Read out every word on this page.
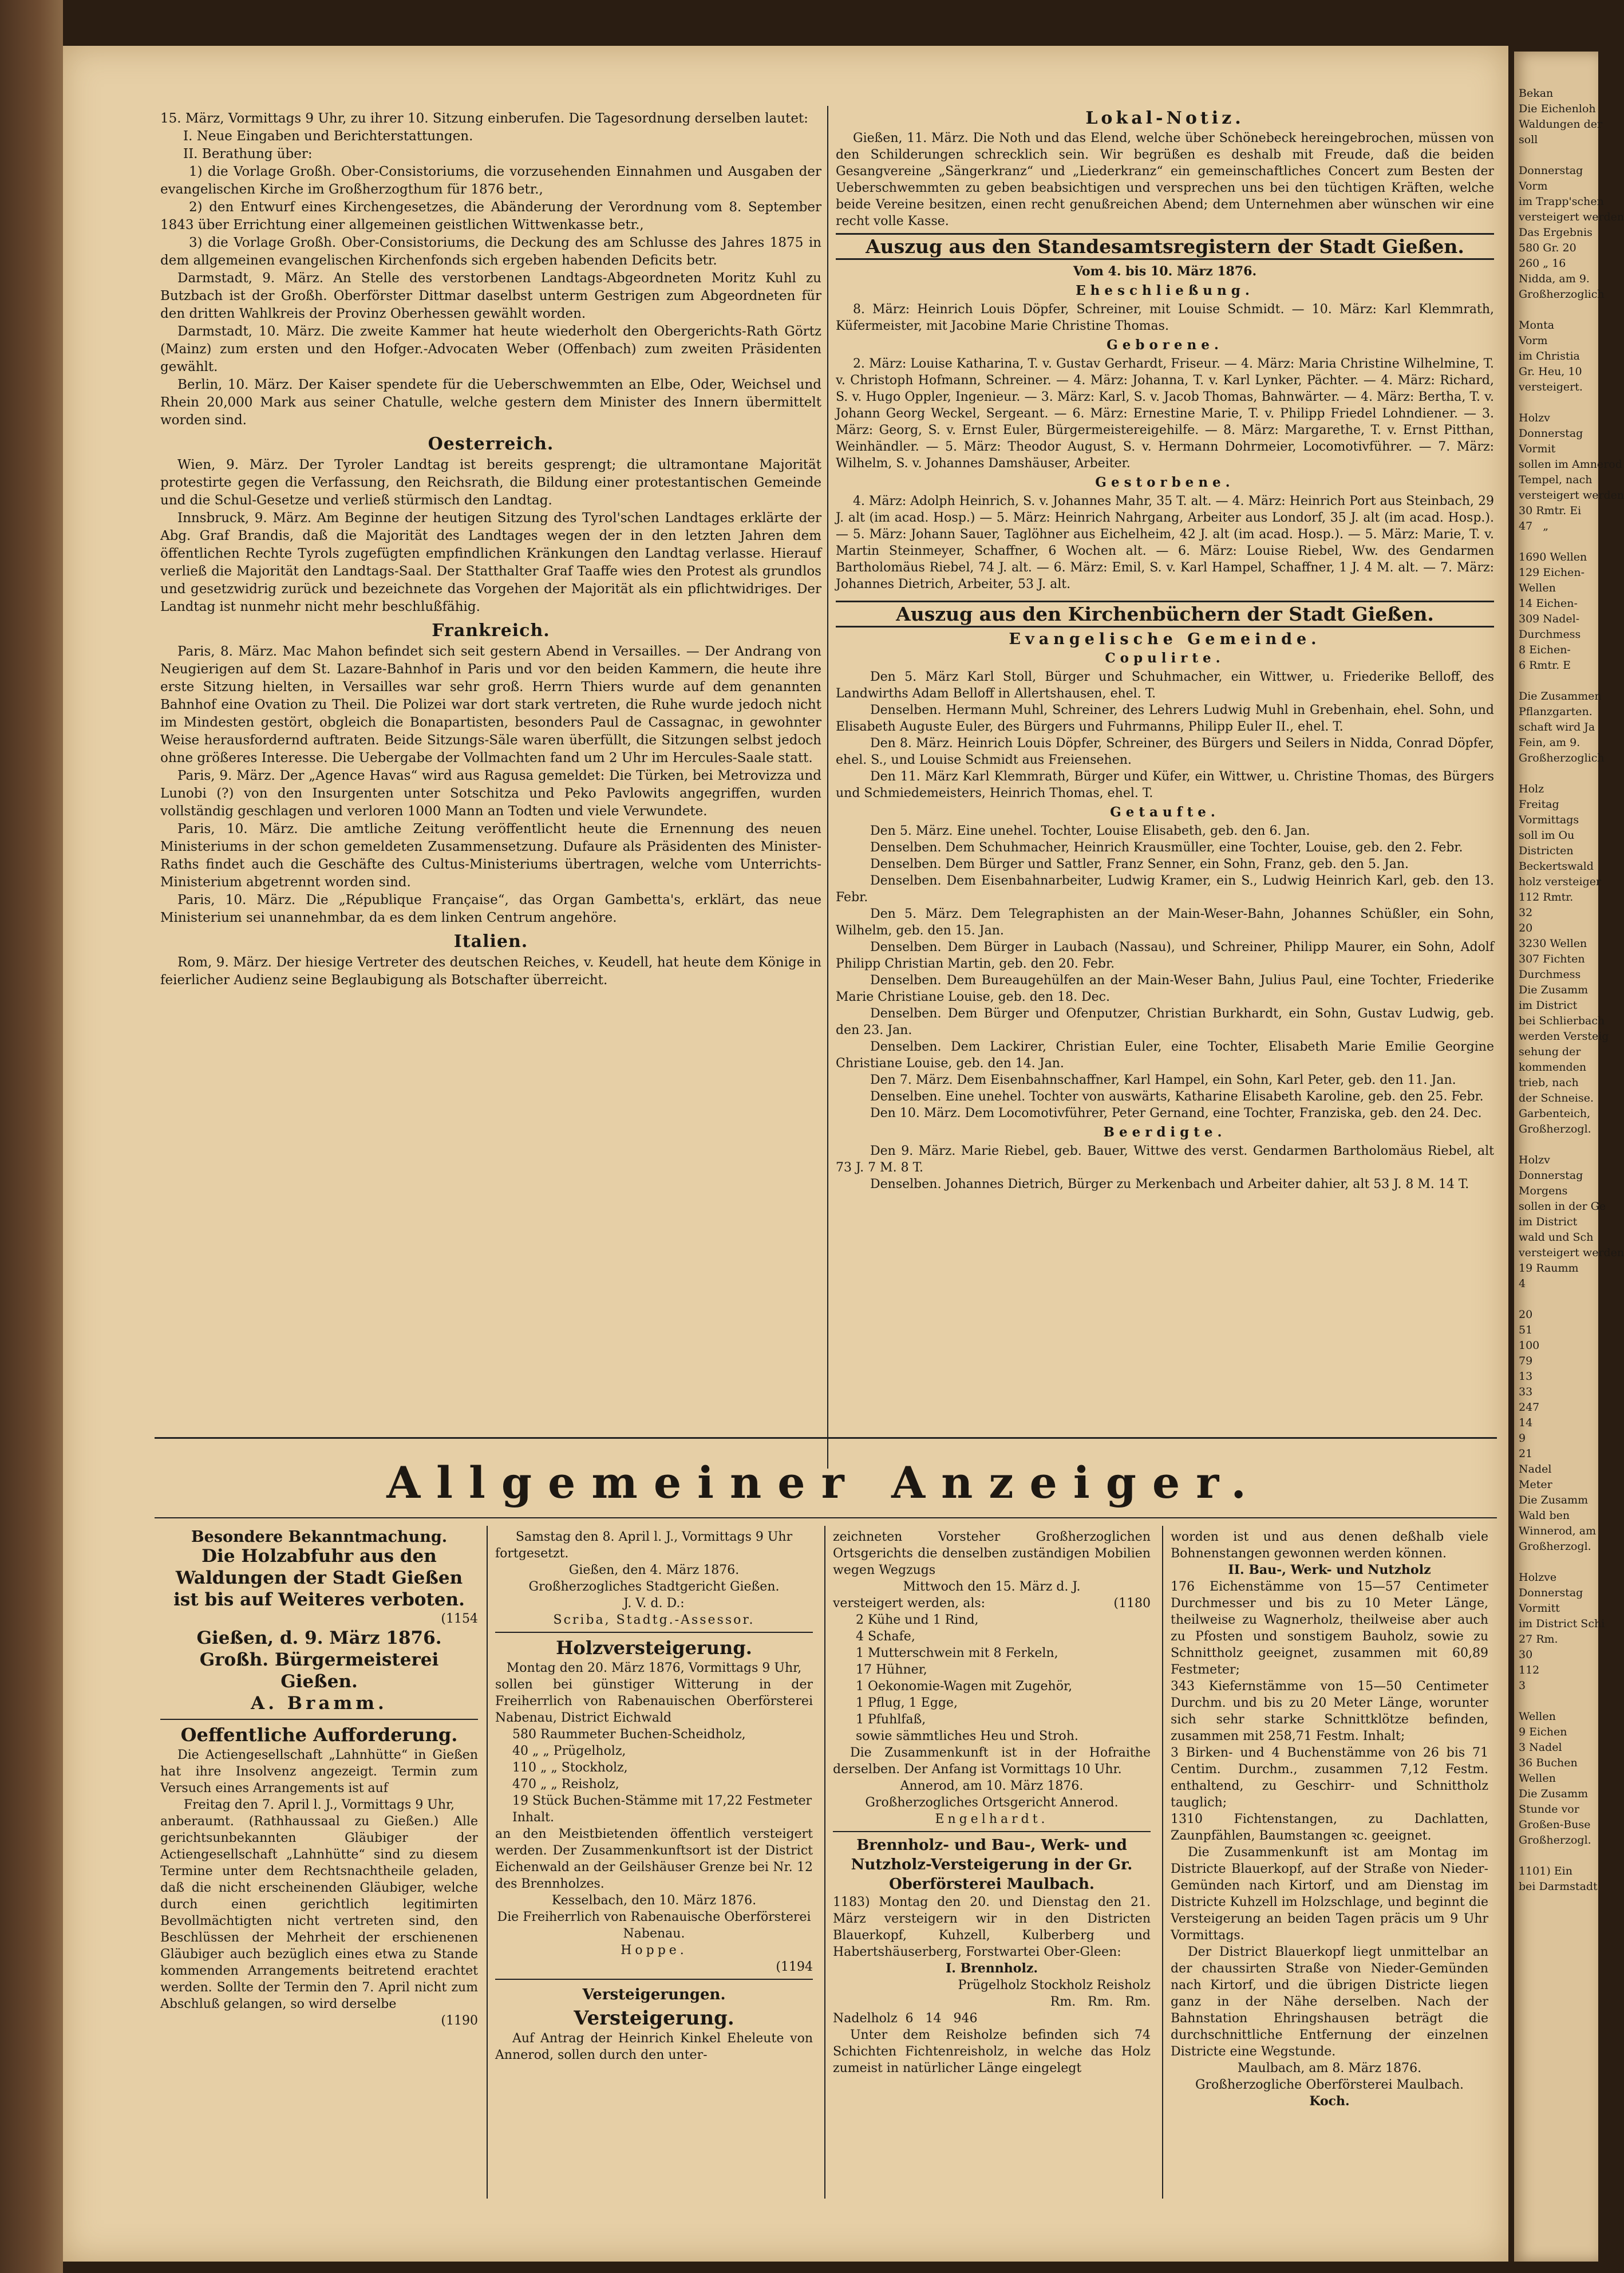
15. März, Vormittags 9 Uhr, zu ihrer 10. Sitzung einberufen. Die Tagesordnung derselben lautet:

I. Neue Eingaben und Berichterstattungen.

II. Berathung über:

1) die Vorlage Großh. Ober-Consistoriums, die vorzusehenden Einnahmen und Ausgaben der evangelischen Kirche im Großherzogthum für 1876 betr.,

2) den Entwurf eines Kirchengesetzes, die Abänderung der Verordnung vom 8. September 1843 über Errichtung einer allgemeinen geistlichen Wittwenkasse betr.,

3) die Vorlage Großh. Ober-Consistoriums, die Deckung des am Schlusse des Jahres 1875 in dem allgemeinen evangelischen Kirchenfonds sich ergeben habenden Deficits betr.

Darmstadt, 9. März. An Stelle des verstorbenen Landtags-Abgeordneten Moritz Kuhl zu Butzbach ist der Großh. Oberförster Dittmar daselbst unterm Gestrigen zum Abgeordneten für den dritten Wahlkreis der Provinz Oberhessen gewählt worden.

Darmstadt, 10. März. Die zweite Kammer hat heute wiederholt den Obergerichts-Rath Görtz (Mainz) zum ersten und den Hofger.-Advocaten Weber (Offenbach) zum zweiten Präsidenten gewählt.

Berlin, 10. März. Der Kaiser spendete für die Ueberschwemmten an Elbe, Oder, Weichsel und Rhein 20,000 Mark aus seiner Chatulle, welche gestern dem Minister des Innern übermittelt worden sind.

Oesterreich.

Wien, 9. März. Der Tyroler Landtag ist bereits gesprengt; die ultramontane Majorität protestirte gegen die Verfassung, den Reichsrath, die Bildung einer protestantischen Gemeinde und die Schul-Gesetze und verließ stürmisch den Landtag.

Innsbruck, 9. März. Am Beginne der heutigen Sitzung des Tyrol'schen Landtages erklärte der Abg. Graf Brandis, daß die Majorität des Landtages wegen der in den letzten Jahren dem öffentlichen Rechte Tyrols zugefügten empfindlichen Kränkungen den Landtag verlasse. Hierauf verließ die Majorität den Landtags-Saal. Der Statthalter Graf Taaffe wies den Protest als grundlos und gesetzwidrig zurück und bezeichnete das Vorgehen der Majorität als ein pflichtwidriges. Der Landtag ist nunmehr nicht mehr beschlußfähig.

Frankreich.

Paris, 8. März. Mac Mahon befindet sich seit gestern Abend in Versailles. — Der Andrang von Neugierigen auf dem St. Lazare-Bahnhof in Paris und vor den beiden Kammern, die heute ihre erste Sitzung hielten, in Versailles war sehr groß. Herrn Thiers wurde auf dem genannten Bahnhof eine Ovation zu Theil. Die Polizei war dort stark vertreten, die Ruhe wurde jedoch nicht im Mindesten gestört, obgleich die Bonapartisten, besonders Paul de Cassagnac, in gewohnter Weise herausfordernd auftraten. Beide Sitzungs-Säle waren überfüllt, die Sitzungen selbst jedoch ohne größeres Interesse. Die Uebergabe der Vollmachten fand um 2 Uhr im Hercules-Saale statt.

Paris, 9. März. Der „Agence Havas“ wird aus Ragusa gemeldet: Die Türken, bei Metrovizza und Lunobi (?) von den Insurgenten unter Sotschitza und Peko Pavlowits angegriffen, wurden vollständig geschlagen und verloren 1000 Mann an Todten und viele Verwundete.

Paris, 10. März. Die amtliche Zeitung veröffentlicht heute die Ernennung des neuen Ministeriums in der schon gemeldeten Zusammensetzung. Dufaure als Präsidenten des Minister-Raths findet auch die Geschäfte des Cultus-Ministeriums übertragen, welche vom Unterrichts-Ministerium abgetrennt worden sind.

Paris, 10. März. Die „République Française“, das Organ Gambetta's, erklärt, das neue Ministerium sei unannehmbar, da es dem linken Centrum angehöre.

Italien.

Rom, 9. März. Der hiesige Vertreter des deutschen Reiches, v. Keudell, hat heute dem Könige in feierlicher Audienz seine Beglaubigung als Botschafter überreicht.

Lokal-Notiz.

Gießen, 11. März. Die Noth und das Elend, welche über Schönebeck hereingebrochen, müssen von den Schilderungen schrecklich sein. Wir begrüßen es deshalb mit Freude, daß die beiden Gesangvereine „Sängerkranz“ und „Liederkranz“ ein gemeinschaftliches Concert zum Besten der Ueberschwemmten zu geben beabsichtigen und versprechen uns bei den tüchtigen Kräften, welche beide Vereine besitzen, einen recht genußreichen Abend; dem Unternehmen aber wünschen wir eine recht volle Kasse.

Auszug aus den Standesamtsregistern der Stadt Gießen.
Vom 4. bis 10. März 1876.
Eheschließung.

8. März: Heinrich Louis Döpfer, Schreiner, mit Louise Schmidt. — 10. März: Karl Klemmrath, Küfermeister, mit Jacobine Marie Christine Thomas.

Geborene.

2. März: Louise Katharina, T. v. Gustav Gerhardt, Friseur. — 4. März: Maria Christine Wilhelmine, T. v. Christoph Hofmann, Schreiner. — 4. März: Johanna, T. v. Karl Lynker, Pächter. — 4. März: Richard, S. v. Hugo Oppler, Ingenieur. — 3. März: Karl, S. v. Jacob Thomas, Bahnwärter. — 4. März: Bertha, T. v. Johann Georg Weckel, Sergeant. — 6. März: Ernestine Marie, T. v. Philipp Friedel Lohndiener. — 3. März: Georg, S. v. Ernst Euler, Bürgermeistereigehilfe. — 8. März: Margarethe, T. v. Ernst Pitthan, Weinhändler. — 5. März: Theodor August, S. v. Hermann Dohrmeier, Locomotivführer. — 7. März: Wilhelm, S. v. Johannes Damshäuser, Arbeiter.

Gestorbene.

4. März: Adolph Heinrich, S. v. Johannes Mahr, 35 T. alt. — 4. März: Heinrich Port aus Steinbach, 29 J. alt (im acad. Hosp.) — 5. März: Heinrich Nahrgang, Arbeiter aus Londorf, 35 J. alt (im acad. Hosp.). — 5. März: Johann Sauer, Taglöhner aus Eichelheim, 42 J. alt (im acad. Hosp.). — 5. März: Marie, T. v. Martin Steinmeyer, Schaffner, 6 Wochen alt. — 6. März: Louise Riebel, Ww. des Gendarmen Bartholomäus Riebel, 74 J. alt. — 6. März: Emil, S. v. Karl Hampel, Schaffner, 1 J. 4 M. alt. — 7. März: Johannes Dietrich, Arbeiter, 53 J. alt.

Auszug aus den Kirchenbüchern der Stadt Gießen.
Evangelische Gemeinde.
Copulirte.

Den 5. März Karl Stoll, Bürger und Schuhmacher, ein Wittwer, u. Friederike Belloff, des Landwirths Adam Belloff in Allertshausen, ehel. T.

Denselben. Hermann Muhl, Schreiner, des Lehrers Ludwig Muhl in Grebenhain, ehel. Sohn, und Elisabeth Auguste Euler, des Bürgers und Fuhrmanns, Philipp Euler II., ehel. T.

Den 8. März. Heinrich Louis Döpfer, Schreiner, des Bürgers und Seilers in Nidda, Conrad Döpfer, ehel. S., und Louise Schmidt aus Freiensehen.

Den 11. März Karl Klemmrath, Bürger und Küfer, ein Wittwer, u. Christine Thomas, des Bürgers und Schmiedemeisters, Heinrich Thomas, ehel. T.

Getaufte.

Den 5. März. Eine unehel. Tochter, Louise Elisabeth, geb. den 6. Jan.

Denselben. Dem Schuhmacher, Heinrich Krausmüller, eine Tochter, Louise, geb. den 2. Febr.

Denselben. Dem Bürger und Sattler, Franz Senner, ein Sohn, Franz, geb. den 5. Jan.

Denselben. Dem Eisenbahnarbeiter, Ludwig Kramer, ein S., Ludwig Heinrich Karl, geb. den 13. Febr.

Den 5. März. Dem Telegraphisten an der Main-Weser-Bahn, Johannes Schüßler, ein Sohn, Wilhelm, geb. den 15. Jan.

Denselben. Dem Bürger in Laubach (Nassau), und Schreiner, Philipp Maurer, ein Sohn, Adolf Philipp Christian Martin, geb. den 20. Febr.

Denselben. Dem Bureaugehülfen an der Main-Weser Bahn, Julius Paul, eine Tochter, Friederike Marie Christiane Louise, geb. den 18. Dec.

Denselben. Dem Bürger und Ofenputzer, Christian Burkhardt, ein Sohn, Gustav Ludwig, geb. den 23. Jan.

Denselben. Dem Lackirer, Christian Euler, eine Tochter, Elisabeth Marie Emilie Georgine Christiane Louise, geb. den 14. Jan.

Den 7. März. Dem Eisenbahnschaffner, Karl Hampel, ein Sohn, Karl Peter, geb. den 11. Jan.

Denselben. Eine unehel. Tochter von auswärts, Katharine Elisabeth Karoline, geb. den 25. Febr.

Den 10. März. Dem Locomotivführer, Peter Gernand, eine Tochter, Franziska, geb. den 24. Dec.

Beerdigte.

Den 9. März. Marie Riebel, geb. Bauer, Wittwe des verst. Gendarmen Bartholomäus Riebel, alt 73 J. 7 M. 8 T.

Denselben. Johannes Dietrich, Bürger zu Merkenbach und Arbeiter dahier, alt 53 J. 8 M. 14 T.

Allgemeiner Anzeiger.
Besondere Bekanntmachung.

Die Holzabfuhr aus den Waldungen der Stadt Gießen ist bis auf Weiteres verboten.

(1154

Gießen, d. 9. März 1876.

Großh. Bürgermeisterei Gießen.

A. Bramm.

Oeffentliche Aufforderung.

Die Actiengesellschaft „Lahnhütte“ in Gießen hat ihre Insolvenz angezeigt. Termin zum Versuch eines Arrangements ist auf

Freitag den 7. April l. J., Vormittags 9 Uhr,

anberaumt. (Rathhaussaal zu Gießen.) Alle gerichtsunbekannten Gläubiger der Actiengesellschaft „Lahnhütte“ sind zu diesem Termine unter dem Rechtsnachtheile geladen, daß die nicht erscheinenden Gläubiger, welche durch einen gerichtlich legitimirten Bevollmächtigten nicht vertreten sind, den Beschlüssen der Mehrheit der erschienenen Gläubiger auch bezüglich eines etwa zu Stande kommenden Arrangements beitretend erachtet werden. Sollte der Termin den 7. April nicht zum Abschluß gelangen, so wird derselbe

(1190

Samstag den 8. April l. J., Vormittags 9 Uhr

fortgesetzt.

Gießen, den 4. März 1876.

Großherzogliches Stadtgericht Gießen.

J. V. d. D.:

Scriba, Stadtg.-Assessor.

Holzversteigerung.

Montag den 20. März 1876, Vormittags 9 Uhr,

sollen bei günstiger Witterung in der Freiherrlich von Rabenauischen Oberförsterei Nabenau, District Eichwald

580 Raummeter Buchen-Scheidholz,

40 „ „ Prügelholz,

110 „ „ Stockholz,

470 „ „ Reisholz,

19 Stück Buchen-Stämme mit 17,22 Festmeter Inhalt.

an den Meistbietenden öffentlich versteigert werden. Der Zusammenkunftsort ist der District Eichenwald an der Geilshäuser Grenze bei Nr. 12 des Brennholzes.

Kesselbach, den 10. März 1876.

Die Freiherrlich von Rabenauische Oberförsterei Nabenau.

Hoppe.

(1194

Versteigerungen.
Versteigerung.

Auf Antrag der Heinrich Kinkel Eheleute von Annerod, sollen durch den unter-

zeichneten Vorsteher Großherzoglichen Ortsgerichts die denselben zuständigen Mobilien wegen Wegzugs

Mittwoch den 15. März d. J.

versteigert werden, als:	(1180

2 Kühe und 1 Rind,

4 Schafe,

1 Mutterschwein mit 8 Ferkeln,

17 Hühner,

1 Oekonomie-Wagen mit Zugehör,

1 Pflug, 1 Egge,

1 Pfuhlfaß,

sowie sämmtliches Heu und Stroh.

Die Zusammenkunft ist in der Hofraithe derselben. Der Anfang ist Vormittags 10 Uhr.

Annerod, am 10. März 1876.

Großherzogliches Ortsgericht Annerod.

Engelhardt.

Brennholz- und Bau-, Werk- und Nutzholz-Versteigerung in der Gr. Oberförsterei Maulbach.

1183) Montag den 20. und Dienstag den 21. März versteigern wir in den Districten Blauerkopf, Kuhzell, Kulberberg und Habertshäuserberg, Forstwartei Ober-Gleen:

I. Brennholz.

Prügelholz Stockholz Reisholz

Rm.   Rm.   Rm.

Nadelholz  6   14   946

Unter dem Reisholze befinden sich 74 Schichten Fichtenreisholz, in welche das Holz zumeist in natürlicher Länge eingelegt

worden ist und aus denen deßhalb viele Bohnenstangen gewonnen werden können.

II. Bau-, Werk- und Nutzholz

176 Eichenstämme von 15—57 Centimeter Durchmesser und bis zu 10 Meter Länge, theilweise zu Wagnerholz, theilweise aber auch zu Pfosten und sonstigem Bauholz, sowie zu Schnittholz geeignet, zusammen mit 60,89 Festmeter;

343 Kiefernstämme von 15—50 Centimeter Durchm. und bis zu 20 Meter Länge, worunter sich sehr starke Schnittklötze befinden, zusammen mit 258,71 Festm. Inhalt;

3 Birken- und 4 Buchenstämme von 26 bis 71 Centim. Durchm., zusammen 7,12 Festm. enthaltend, zu Geschirr- und Schnittholz tauglich;

1310 Fichtenstangen, zu Dachlatten, Zaunpfählen, Baumstangen ꝛc. geeignet.

Die Zusammenkunft ist am Montag im Districte Blauerkopf, auf der Straße von Nieder-Gemünden nach Kirtorf, und am Dienstag im Districte Kuhzell im Holzschlage, und beginnt die Versteigerung an beiden Tagen präcis um 9 Uhr Vormittags.

Der District Blauerkopf liegt unmittelbar an der chaussirten Straße von Nieder-Gemünden nach Kirtorf, und die übrigen Districte liegen ganz in der Nähe derselben. Nach der Bahnstation Ehringshausen beträgt die durchschnittliche Entfernung der einzelnen Districte eine Wegstunde.

Maulbach, am 8. März 1876.

Großherzogliche Oberförsterei Maulbach.

Koch.

Bekan
Die Eichenloh
Waldungen der
soll

Donnerstag
Vorm
im Trapp'schen
versteigert werden
Das Ergebnis
580 Gr. 20
260 „ 16
Nidda, am 9.
Großherzoglich

Monta
Vorm
im Christia
Gr. Heu, 10
versteigert.

Holzv
Donnerstag
Vormit
sollen im Amnerod
Tempel, nach
versteigert werden
30 Rmtr. Ei
47   „

1690 Wellen
129 Eichen-
Wellen
14 Eichen-
309 Nadel-
Durchmess
8 Eichen-
6 Rmtr. E

Die Zusammen
Pflanzgarten.
schaft wird Ja
Fein, am 9.
Großherzoglich

Holz
Freitag
Vormittags
soll im Ou
Districten
Beckertswald
holz versteiger
112 Rmtr.
32
20
3230 Wellen
307 Fichten
Durchmess
Die Zusamm
im District
bei Schlierbach
werden Versteig
sehung der
kommenden
trieb, nach
der Schneise.
Garbenteich,
Großherzogl.

Holzv
Donnerstag
Morgens
sollen in der Ge
im District
wald und Sch
versteigert werden
19 Raumm
4

20
51
100
79
13
33
247
14
9
21
Nadel
Meter
Die Zusamm
Wald ben
Winnerod, am
Großherzogl.

Holzve
Donnerstag
Vormitt
im District Schi
27 Rm.
30
112
3

Wellen
9 Eichen
3 Nadel
36 Buchen
Wellen
Die Zusamm
Stunde vor
Großen-Buse
Großherzogl.

1101) Ein
bei Darmstadt
